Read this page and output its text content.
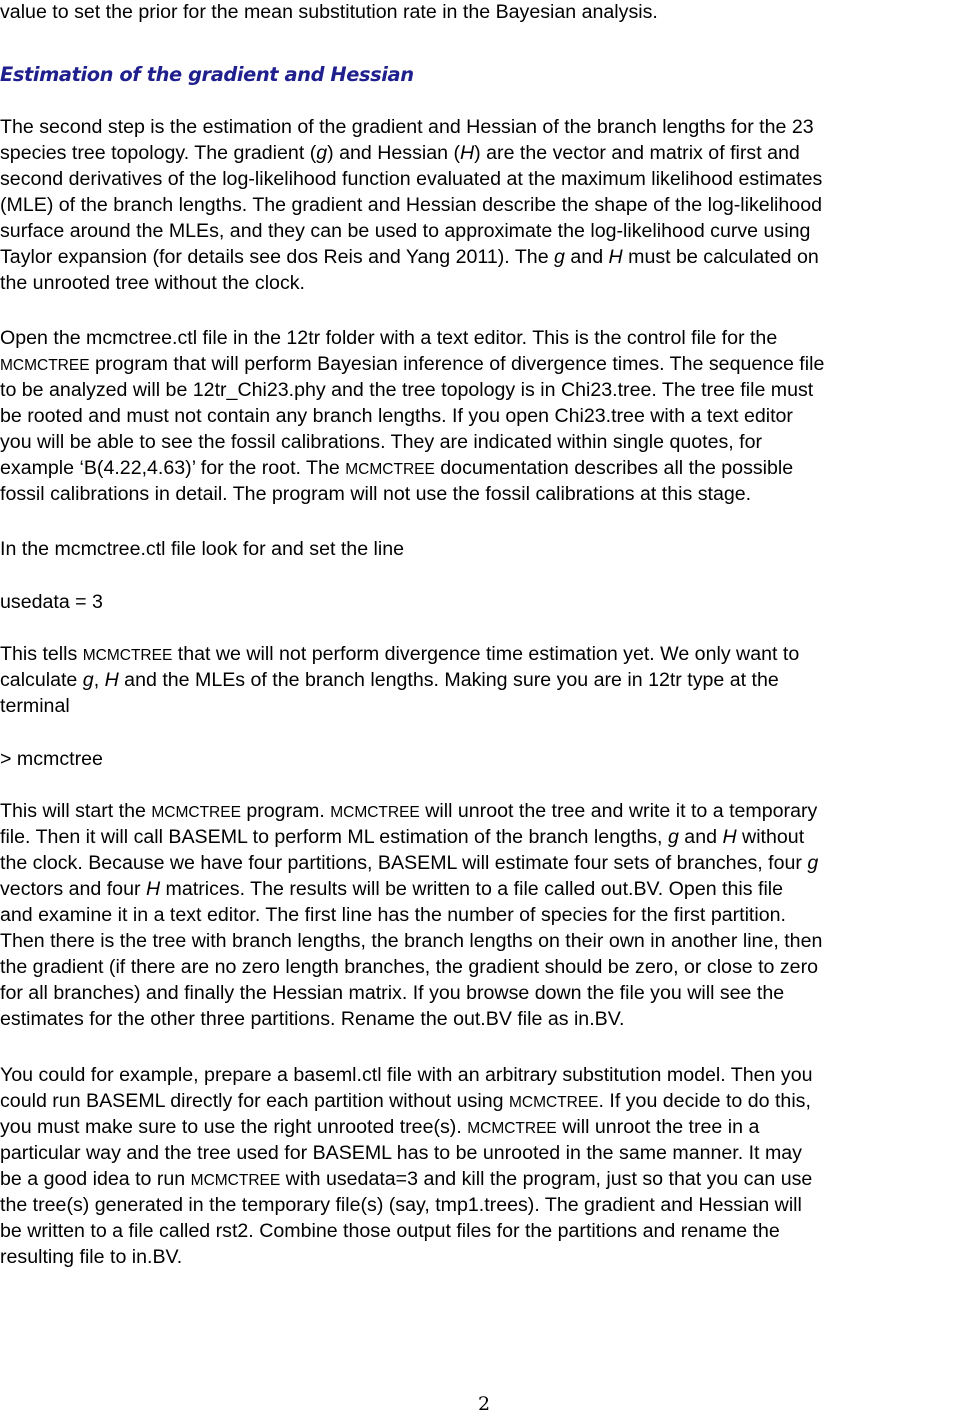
value to set the prior for the mean substitution rate in the Bayesian analysis.

Estimation of the gradient and Hessian

The second step is the estimation of the gradient and Hessian of the branch lengths for the 23
species tree topology. The gradient (g) and Hessian (H) are the vector and matrix of first and
second derivatives of the log-likelihood function evaluated at the maximum likelihood estimates
(MLE) of the branch lengths. The gradient and Hessian describe the shape of the log-likelihood
surface around the MLEs, and they can be used to approximate the log-likelihood curve using
Taylor expansion (for details see dos Reis and Yang 2011). The g and H must be calculated on
the unrooted tree without the clock.

Open the mcmctree.ctl file in the 12tr folder with a text editor. This is the control file for the
MCMCTREE program that will perform Bayesian inference of divergence times. The sequence file
to be analyzed will be 12tr_Chi23.phy and the tree topology is in Chi23.tree. The tree file must
be rooted and must not contain any branch lengths. If you open Chi23.tree with a text editor
you will be able to see the fossil calibrations. They are indicated within single quotes, for
example ‘B(4.22,4.63)’ for the root. The MCMCTREE documentation describes all the possible
fossil calibrations in detail. The program will not use the fossil calibrations at this stage.

In the mcmctree.ctl file look for and set the line

usedata = 3

This tells MCMCTREE that we will not perform divergence time estimation yet. We only want to
calculate g, H and the MLEs of the branch lengths. Making sure you are in 12tr type at the
terminal

> mcmctree

This will start the MCMCTREE program. MCMCTREE will unroot the tree and write it to a temporary
file. Then it will call BASEML to perform ML estimation of the branch lengths, g and H without
the clock. Because we have four partitions, BASEML will estimate four sets of branches, four g
vectors and four H matrices. The results will be written to a file called out.BV. Open this file
and examine it in a text editor. The first line has the number of species for the first partition.
Then there is the tree with branch lengths, the branch lengths on their own in another line, then
the gradient (if there are no zero length branches, the gradient should be zero, or close to zero
for all branches) and finally the Hessian matrix. If you browse down the file you will see the
estimates for the other three partitions. Rename the out.BV file as in.BV.

You could for example, prepare a baseml.ctl file with an arbitrary substitution model. Then you
could run BASEML directly for each partition without using MCMCTREE. If you decide to do this,
you must make sure to use the right unrooted tree(s). MCMCTREE will unroot the tree in a
particular way and the tree used for BASEML has to be unrooted in the same manner. It may
be a good idea to run MCMCTREE with usedata=3 and kill the program, just so that you can use
the tree(s) generated in the temporary file(s) (say, tmp1.trees). The gradient and Hessian will
be written to a file called rst2. Combine those output files for the partitions and rename the
resulting file to in.BV.

2
